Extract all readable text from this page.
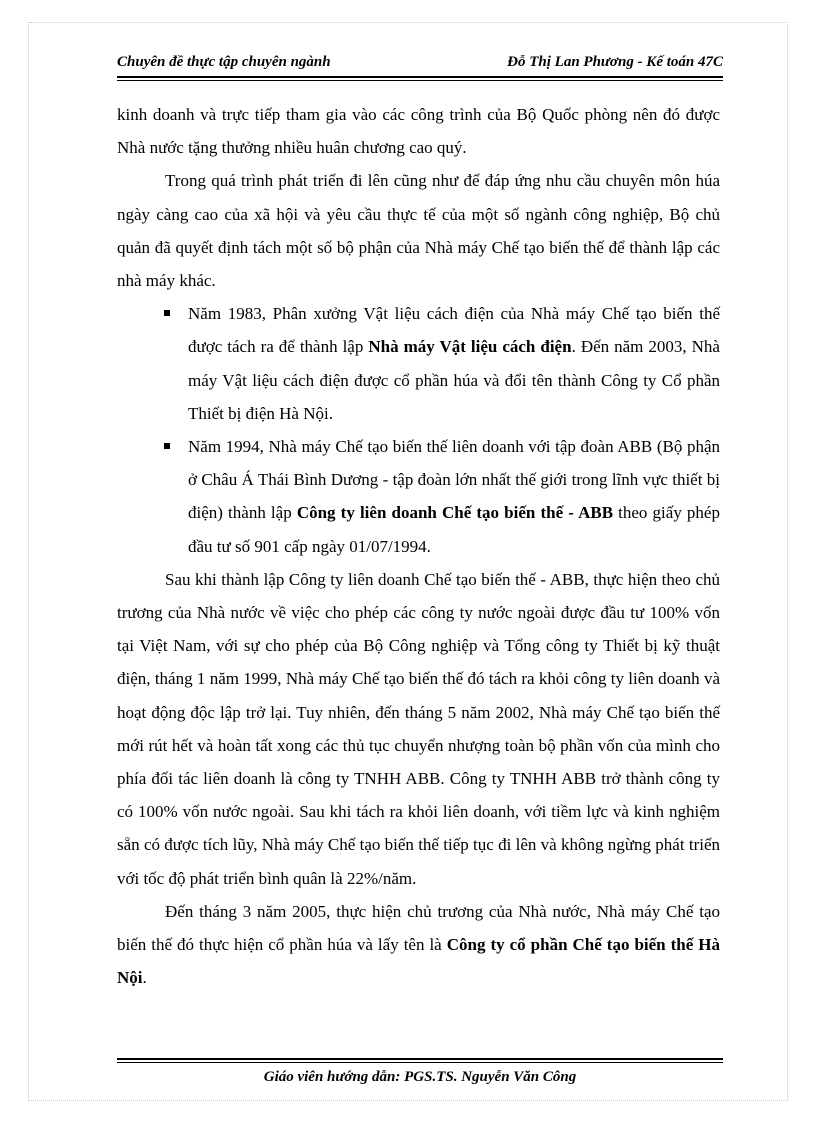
Chuyên đề thực tập chuyên ngành	Đỗ Thị Lan Phương - Kế toán 47C

kinh doanh và trực tiếp tham gia vào các công trình của Bộ Quốc phòng nên đó được Nhà nước tặng thưởng nhiều huân chương cao quý.

Trong quá trình phát triển đi lên cũng như để đáp ứng nhu cầu chuyên môn húa ngày càng cao của xã hội và yêu cầu thực tế của một số ngành công nghiệp, Bộ chủ quản đã quyết định tách một số bộ phận của Nhà máy Chế tạo biến thế để thành lập các nhà máy khác.

Năm 1983, Phân xưởng Vật liệu cách điện của Nhà máy Chế tạo biến thế được tách ra để thành lập Nhà máy Vật liệu cách điện. Đến năm 2003, Nhà máy Vật liệu cách điện được cổ phần húa và đổi tên thành Công ty Cổ phần Thiết bị điện Hà Nội.
Năm 1994, Nhà máy Chế tạo biến thế liên doanh với tập đoàn ABB (Bộ phận ở Châu Á Thái Bình Dương - tập đoàn lớn nhất thế giới trong lĩnh vực thiết bị điện) thành lập Công ty liên doanh Chế tạo biến thế - ABB theo giấy phép đầu tư số 901 cấp ngày 01/07/1994.

Sau khi thành lập Công ty liên doanh Chế tạo biến thế - ABB, thực hiện theo chủ trương của Nhà nước về việc cho phép các công ty nước ngoài được đầu tư 100% vốn tại Việt Nam, với sự cho phép của Bộ Công nghiệp và Tổng công ty Thiết bị kỹ thuật điện, tháng 1 năm 1999, Nhà máy Chế tạo biến thế đó tách ra khỏi công ty liên doanh và hoạt động độc lập trở lại. Tuy nhiên, đến tháng 5 năm 2002, Nhà máy Chế tạo biến thế mới rút hết và hoàn tất xong các thủ tục chuyển nhượng toàn bộ phần vốn của mình cho phía đối tác liên doanh là công ty TNHH ABB. Công ty TNHH ABB trở thành công ty có 100% vốn nước ngoài. Sau khi tách ra khỏi liên doanh, với tiềm lực và kinh nghiệm sẵn có được tích lũy, Nhà máy Chế tạo biến thế tiếp tục đi lên và không ngừng phát triển với tốc độ phát triển bình quân là 22%/năm.

Đến tháng 3 năm 2005, thực hiện chủ trương của Nhà nước, Nhà máy Chế tạo biến thế đó thực hiện cổ phần húa và lấy tên là Công ty cổ phần Chế tạo biến thế Hà Nội.

Giáo viên hướng dẫn: PGS.TS. Nguyễn Văn Công
